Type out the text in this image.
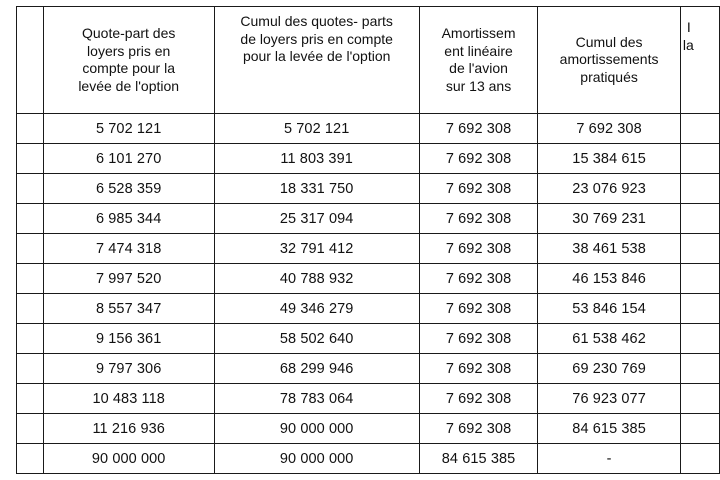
	Quote-part des
loyers pris en
compte pour la
levée de l'option	Cumul des quotes- parts
de loyers pris en compte
pour la levée de l'option	Amortissem
ent linéaire
de l'avion
sur 13 ans	Cumul des
amortissements
pratiqués	I
la

	5 702 121	5 702 121	7 692 308	7 692 308	
	6 101 270	11 803 391	7 692 308	15 384 615	
	6 528 359	18 331 750	7 692 308	23 076 923	
	6 985 344	25 317 094	7 692 308	30 769 231	
	7 474 318	32 791 412	7 692 308	38 461 538	
	7 997 520	40 788 932	7 692 308	46 153 846	
	8 557 347	49 346 279	7 692 308	53 846 154	
	9 156 361	58 502 640	7 692 308	61 538 462	
	9 797 306	68 299 946	7 692 308	69 230 769	
	10 483 118	78 783 064	7 692 308	76 923 077	
	11 216 936	90 000 000	7 692 308	84 615 385	
	90 000 000	90 000 000	84 615 385	-	
